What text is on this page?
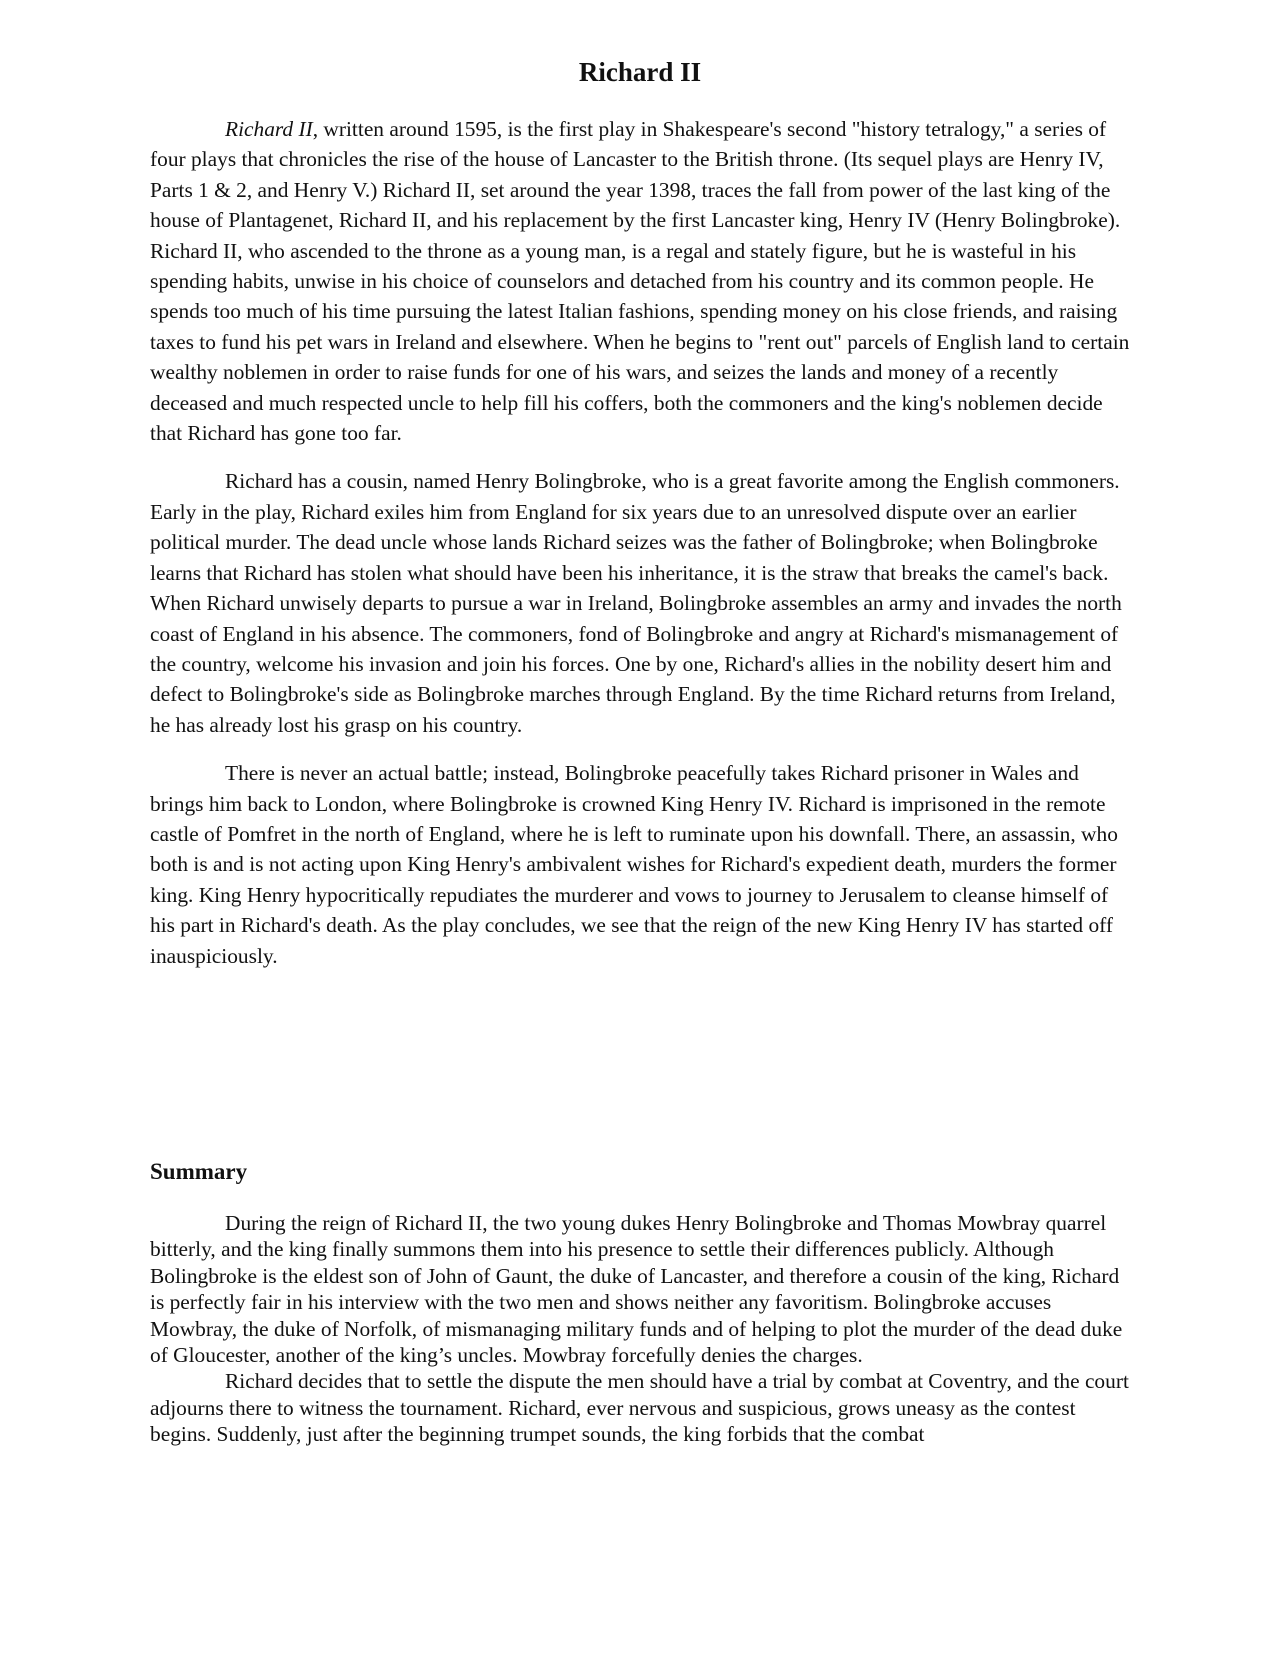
Richard II

Richard II, written around 1595, is the first play in Shakespeare's second "history tetralogy," a series of four plays that chronicles the rise of the house of Lancaster to the British throne. (Its sequel plays are Henry IV, Parts 1 & 2, and Henry V.) Richard II, set around the year 1398, traces the fall from power of the last king of the house of Plantagenet, Richard II, and his replacement by the first Lancaster king, Henry IV (Henry Bolingbroke). Richard II, who ascended to the throne as a young man, is a regal and stately figure, but he is wasteful in his spending habits, unwise in his choice of counselors and detached from his country and its common people. He spends too much of his time pursuing the latest Italian fashions, spending money on his close friends, and raising taxes to fund his pet wars in Ireland and elsewhere. When he begins to "rent out" parcels of English land to certain wealthy noblemen in order to raise funds for one of his wars, and seizes the lands and money of a recently deceased and much respected uncle to help fill his coffers, both the commoners and the king's noblemen decide that Richard has gone too far.

Richard has a cousin, named Henry Bolingbroke, who is a great favorite among the English commoners. Early in the play, Richard exiles him from England for six years due to an unresolved dispute over an earlier political murder. The dead uncle whose lands Richard seizes was the father of Bolingbroke; when Bolingbroke learns that Richard has stolen what should have been his inheritance, it is the straw that breaks the camel's back. When Richard unwisely departs to pursue a war in Ireland, Bolingbroke assembles an army and invades the north coast of England in his absence. The commoners, fond of Bolingbroke and angry at Richard's mismanagement of the country, welcome his invasion and join his forces. One by one, Richard's allies in the nobility desert him and defect to Bolingbroke's side as Bolingbroke marches through England. By the time Richard returns from Ireland, he has already lost his grasp on his country.

There is never an actual battle; instead, Bolingbroke peacefully takes Richard prisoner in Wales and brings him back to London, where Bolingbroke is crowned King Henry IV. Richard is imprisoned in the remote castle of Pomfret in the north of England, where he is left to ruminate upon his downfall. There, an assassin, who both is and is not acting upon King Henry's ambivalent wishes for Richard's expedient death, murders the former king. King Henry hypocritically repudiates the murderer and vows to journey to Jerusalem to cleanse himself of his part in Richard's death. As the play concludes, we see that the reign of the new King Henry IV has started off inauspiciously.

Summary

During the reign of Richard II, the two young dukes Henry Bolingbroke and Thomas Mowbray quarrel bitterly, and the king finally summons them into his presence to settle their differences publicly. Although Bolingbroke is the eldest son of John of Gaunt, the duke of Lancaster, and therefore a cousin of the king, Richard is perfectly fair in his interview with the two men and shows neither any favoritism. Bolingbroke accuses Mowbray, the duke of Norfolk, of mismanaging military funds and of helping to plot the murder of the dead duke of Gloucester, another of the king’s uncles. Mowbray forcefully denies the charges.

Richard decides that to settle the dispute the men should have a trial by combat at Coventry, and the court adjourns there to witness the tournament. Richard, ever nervous and suspicious, grows uneasy as the contest begins. Suddenly, just after the beginning trumpet sounds, the king forbids that the combat
